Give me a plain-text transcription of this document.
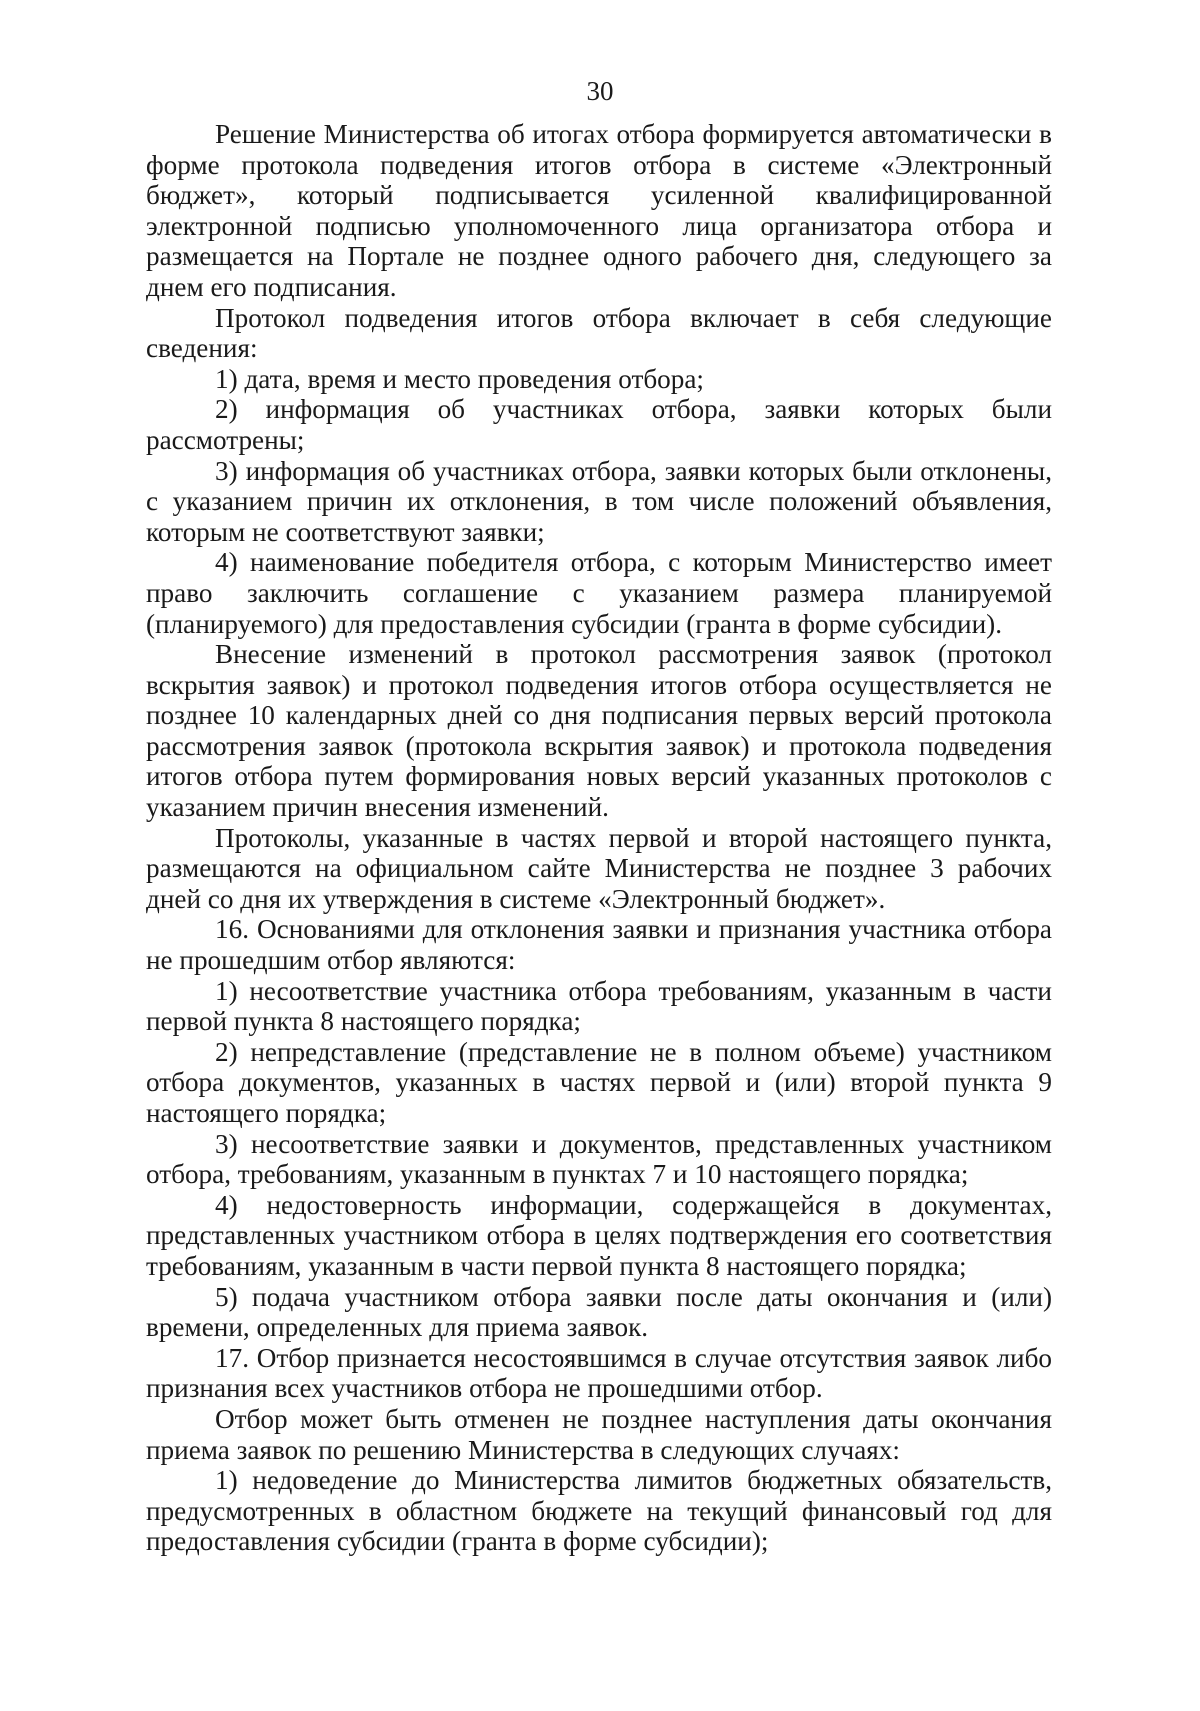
30

Решение Министерства об итогах отбора формируется автоматически в форме протокола подведения итогов отбора в системе «Электронный бюджет», который подписывается усиленной квалифицированной электронной подписью уполномоченного лица организатора отбора и размещается на Портале не позднее одного рабочего дня, следующего за днем его подписания.

Протокол подведения итогов отбора включает в себя следующие сведения:

1) дата, время и место проведения отбора;

2) информация об участниках отбора, заявки которых были рассмотрены;

3) информация об участниках отбора, заявки которых были отклонены, с указанием причин их отклонения, в том числе положений объявления, которым не соответствуют заявки;

4) наименование победителя отбора, с которым Министерство имеет право заключить соглашение с указанием размера планируемой (планируемого) для предоставления субсидии (гранта в форме субсидии).

Внесение изменений в протокол рассмотрения заявок (протокол вскрытия заявок) и протокол подведения итогов отбора осуществляется не позднее 10 календарных дней со дня подписания первых версий протокола рассмотрения заявок (протокола вскрытия заявок) и протокола подведения итогов отбора путем формирования новых версий указанных протоколов с указанием причин внесения изменений.

Протоколы, указанные в частях первой и второй настоящего пункта, размещаются на официальном сайте Министерства не позднее 3 рабочих дней со дня их утверждения в системе «Электронный бюджет».

16. Основаниями для отклонения заявки и признания участника отбора не прошедшим отбор являются:

1) несоответствие участника отбора требованиям, указанным в части первой пункта 8 настоящего порядка;

2) непредставление (представление не в полном объеме) участником отбора документов, указанных в частях первой и (или) второй пункта 9 настоящего порядка;

3) несоответствие заявки и документов, представленных участником отбора, требованиям, указанным в пунктах 7 и 10 настоящего порядка;

4) недостоверность информации, содержащейся в документах, представленных участником отбора в целях подтверждения его соответствия требованиям, указанным в части первой пункта 8 настоящего порядка;

5) подача участником отбора заявки после даты окончания и (или) времени, определенных для приема заявок.

17. Отбор признается несостоявшимся в случае отсутствия заявок либо признания всех участников отбора не прошедшими отбор.

Отбор может быть отменен не позднее наступления даты окончания приема заявок по решению Министерства в следующих случаях:

1) недоведение до Министерства лимитов бюджетных обязательств, предусмотренных в областном бюджете на текущий финансовый год для предоставления субсидии (гранта в форме субсидии);
